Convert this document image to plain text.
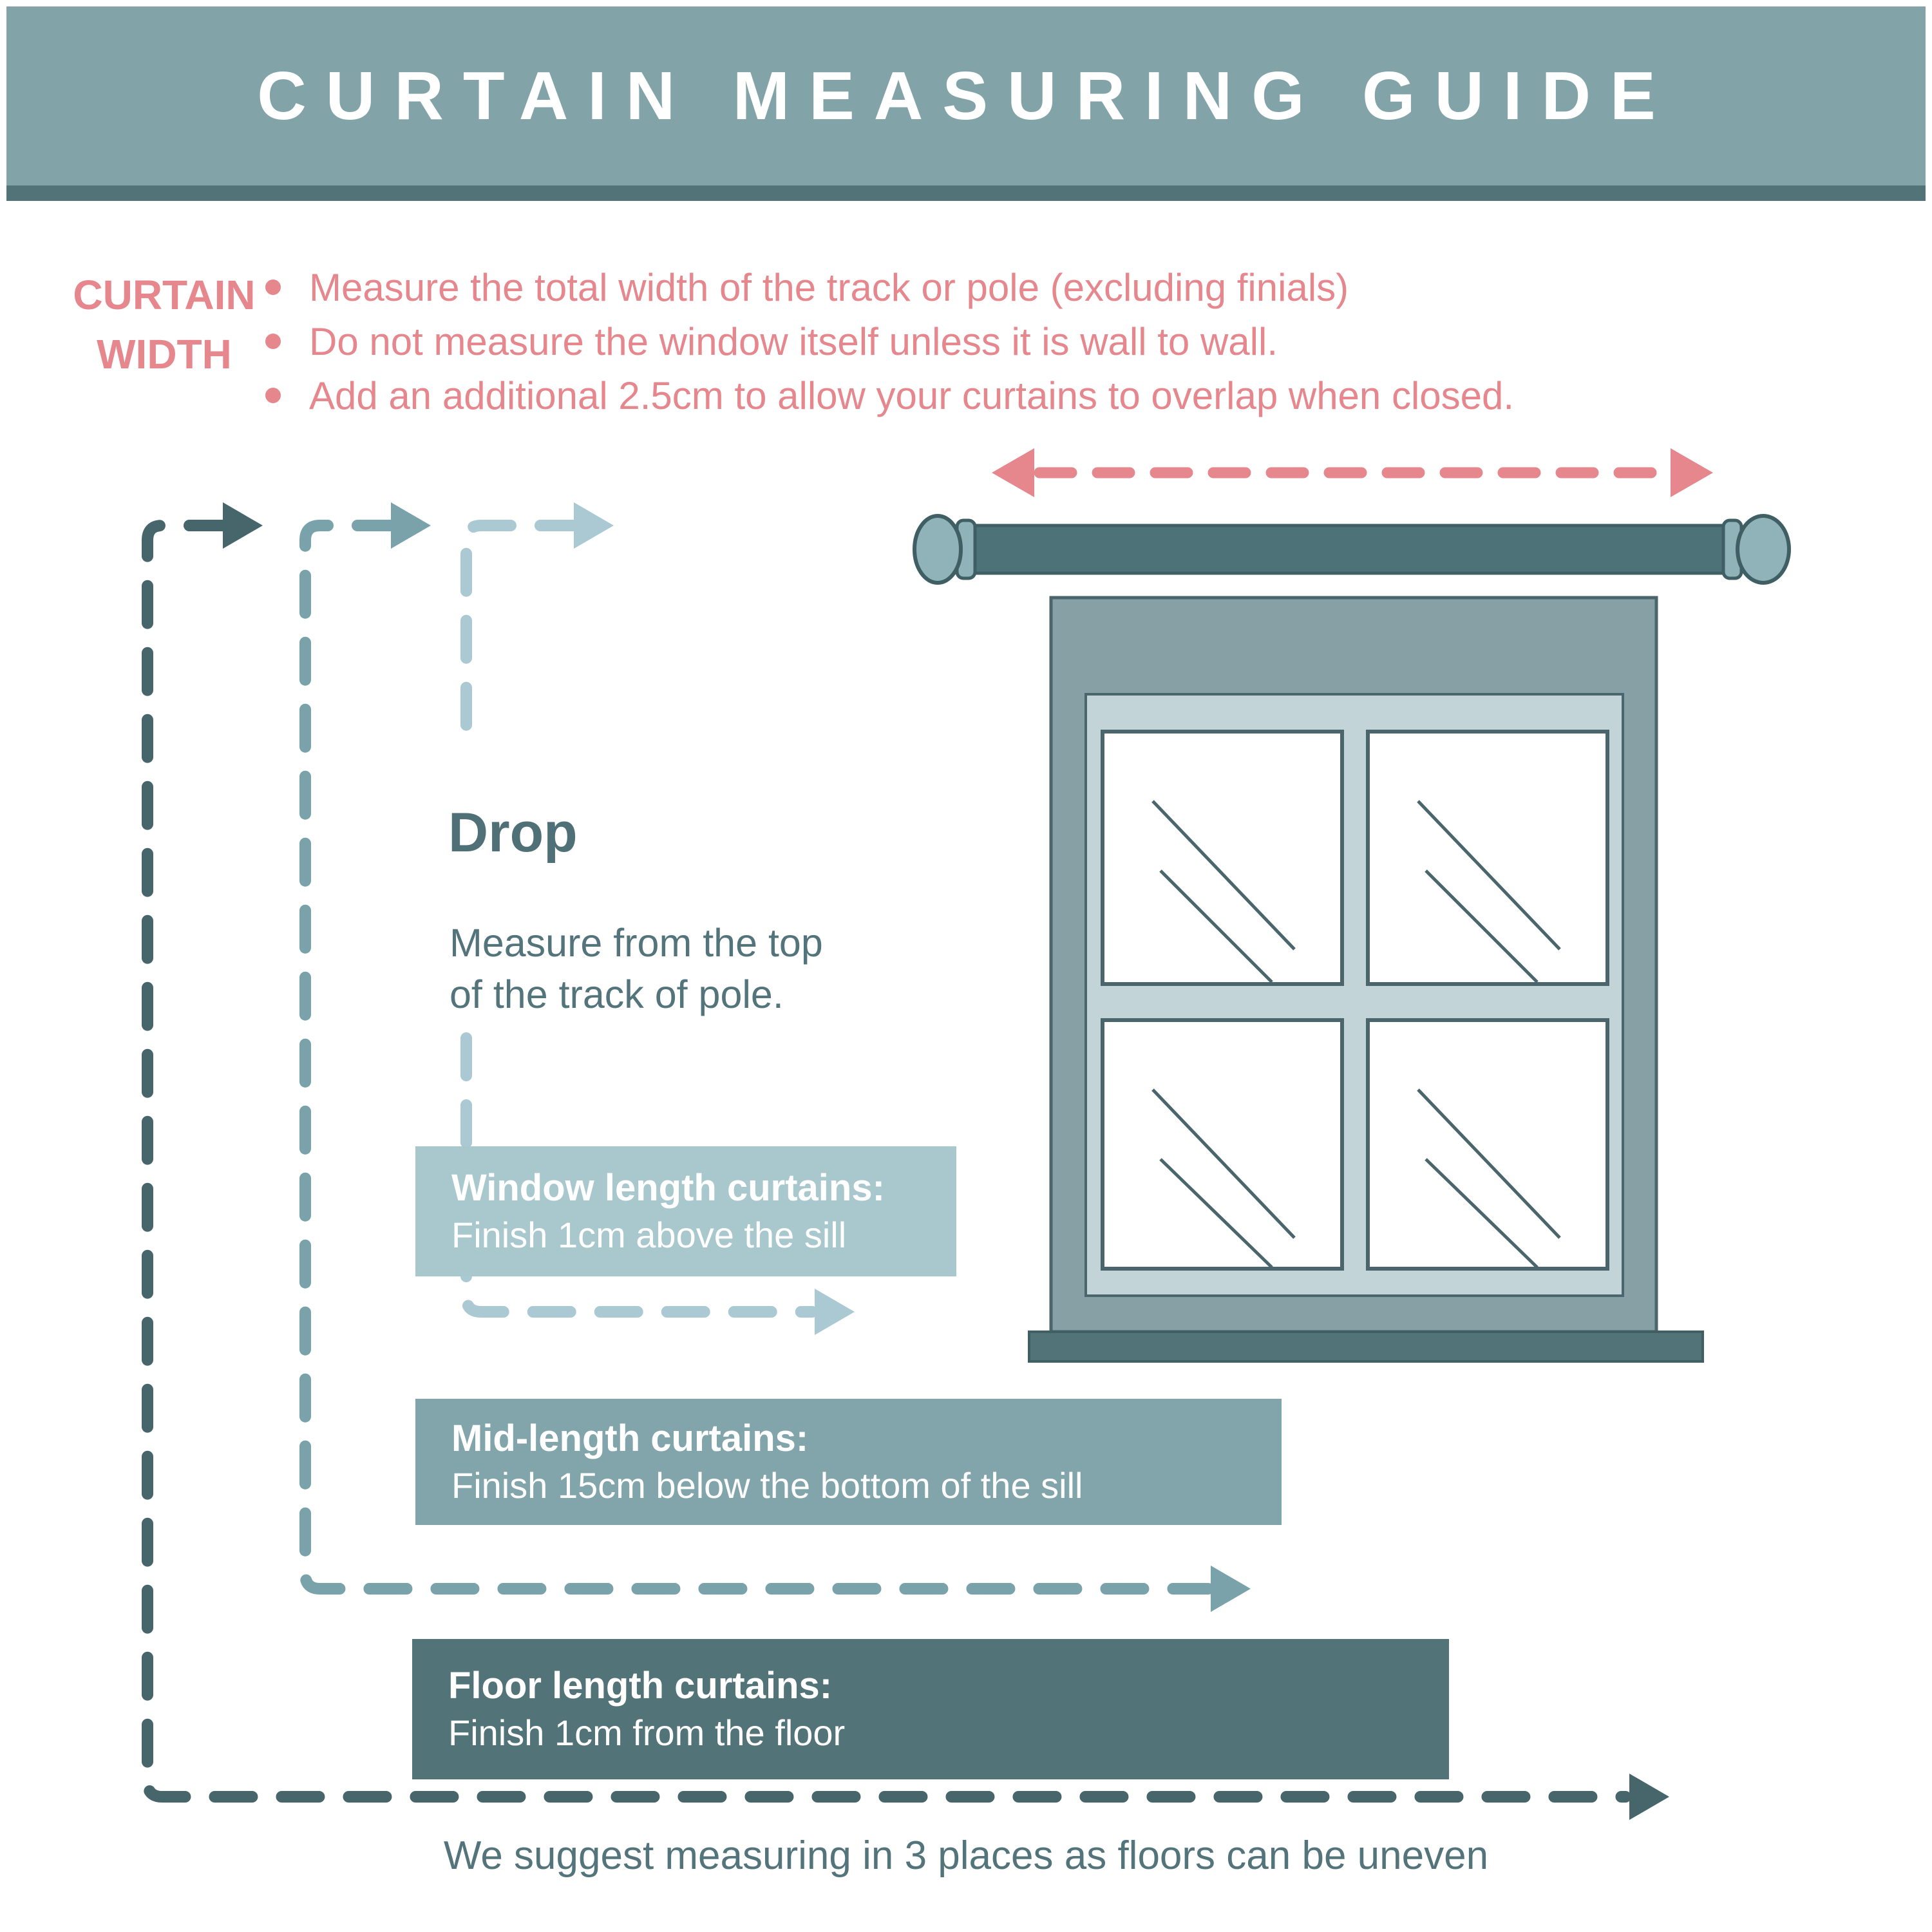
CURTAIN MEASURING GUIDE
CURTAIN
WIDTH
Measure the total width of the track or pole (excluding finials)
Do not measure the window itself unless it is wall to wall.
Add an additional 2.5cm to allow your curtains to overlap when closed.
Drop
Measure from the top
of the track of pole.
Window length curtains:
Finish 1cm above the sill
Mid-length curtains:
Finish 15cm below the bottom of the sill
Floor length curtains:
Finish 1cm from the floor
We suggest measuring in 3 places as floors can be uneven
